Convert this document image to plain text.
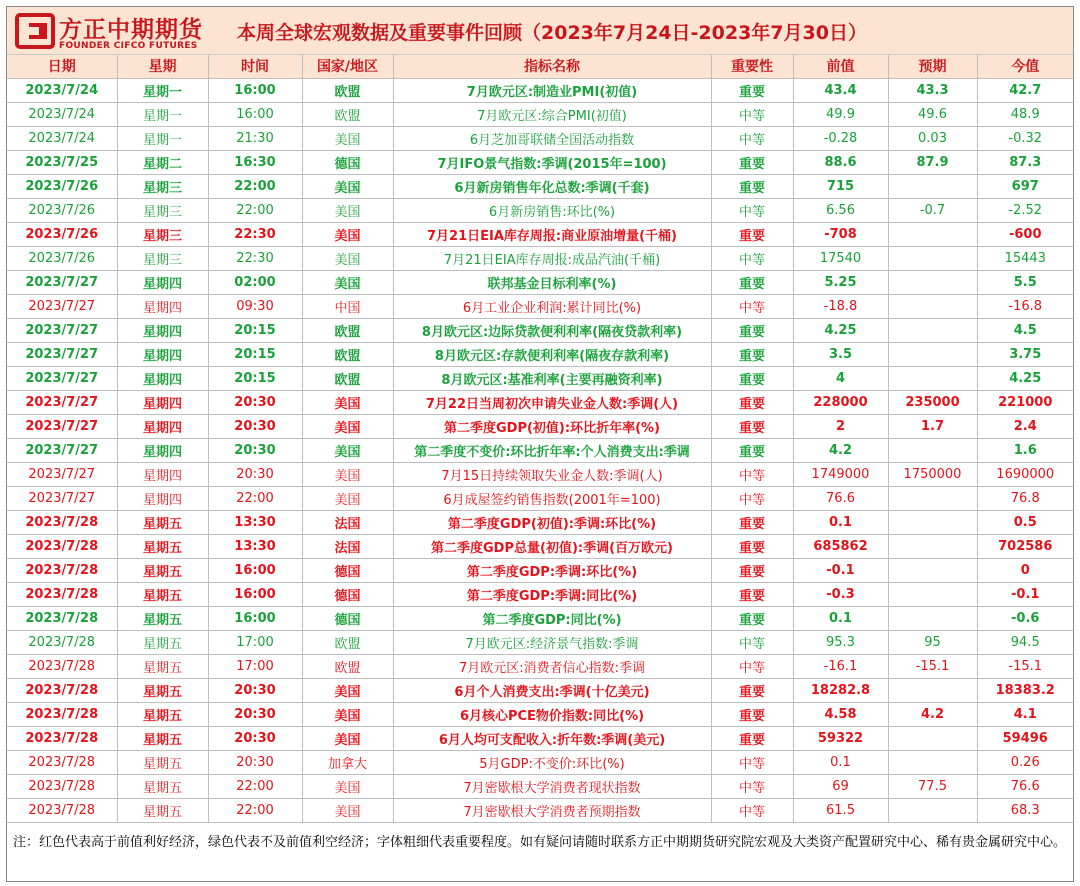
方正中期期货
FOUNDER CIFCO FUTURES
本周全球宏观数据及重要事件回顾（2023年7月24日-2023年7月30日）
日期	星期	时间	国家/地区	指标名称	重要性	前值	预期	今值
2023/7/24	星期一	16:00	欧盟	7月欧元区:制造业PMI(初值)	重要	43.4	43.3	42.7
2023/7/24	星期一	16:00	欧盟	7月欧元区:综合PMI(初值)	中等	49.9	49.6	48.9
2023/7/24	星期一	21:30	美国	6月芝加哥联储全国活动指数	中等	-0.28	0.03	-0.32
2023/7/25	星期二	16:30	德国	7月IFO景气指数:季调(2015年=100)	重要	88.6	87.9	87.3
2023/7/26	星期三	22:00	美国	6月新房销售年化总数:季调(千套)	重要	715		697
2023/7/26	星期三	22:00	美国	6月新房销售:环比(%)	中等	6.56	-0.7	-2.52
2023/7/26	星期三	22:30	美国	7月21日EIA库存周报:商业原油增量(千桶)	重要	-708		-600
2023/7/26	星期三	22:30	美国	7月21日EIA库存周报:成品汽油(千桶)	中等	17540		15443
2023/7/27	星期四	02:00	美国	联邦基金目标利率(%)	重要	5.25		5.5
2023/7/27	星期四	09:30	中国	6月工业企业利润:累计同比(%)	中等	-18.8		-16.8
2023/7/27	星期四	20:15	欧盟	8月欧元区:边际贷款便利利率(隔夜贷款利率)	重要	4.25		4.5
2023/7/27	星期四	20:15	欧盟	8月欧元区:存款便利利率(隔夜存款利率)	重要	3.5		3.75
2023/7/27	星期四	20:15	欧盟	8月欧元区:基准利率(主要再融资利率)	重要	4		4.25
2023/7/27	星期四	20:30	美国	7月22日当周初次申请失业金人数:季调(人)	重要	228000	235000	221000
2023/7/27	星期四	20:30	美国	第二季度GDP(初值):环比折年率(%)	重要	2	1.7	2.4
2023/7/27	星期四	20:30	美国	第二季度不变价:环比折年率:个人消费支出:季调	重要	4.2		1.6
2023/7/27	星期四	20:30	美国	7月15日持续领取失业金人数:季调(人)	中等	1749000	1750000	1690000
2023/7/27	星期四	22:00	美国	6月成屋签约销售指数(2001年=100)	中等	76.6		76.8
2023/7/28	星期五	13:30	法国	第二季度GDP(初值):季调:环比(%)	重要	0.1		0.5
2023/7/28	星期五	13:30	法国	第二季度GDP总量(初值):季调(百万欧元)	重要	685862		702586
2023/7/28	星期五	16:00	德国	第二季度GDP:季调:环比(%)	重要	-0.1		0
2023/7/28	星期五	16:00	德国	第二季度GDP:季调:同比(%)	重要	-0.3		-0.1
2023/7/28	星期五	16:00	德国	第二季度GDP:同比(%)	重要	0.1		-0.6
2023/7/28	星期五	17:00	欧盟	7月欧元区:经济景气指数:季调	中等	95.3	95	94.5
2023/7/28	星期五	17:00	欧盟	7月欧元区:消费者信心指数:季调	中等	-16.1	-15.1	-15.1
2023/7/28	星期五	20:30	美国	6月个人消费支出:季调(十亿美元)	重要	18282.8		18383.2
2023/7/28	星期五	20:30	美国	6月核心PCE物价指数:同比(%)	重要	4.58	4.2	4.1
2023/7/28	星期五	20:30	美国	6月人均可支配收入:折年数:季调(美元)	重要	59322		59496
2023/7/28	星期五	20:30	加拿大	5月GDP:不变价:环比(%)	中等	0.1		0.26
2023/7/28	星期五	22:00	美国	7月密歇根大学消费者现状指数	中等	69	77.5	76.6
2023/7/28	星期五	22:00	美国	7月密歇根大学消费者预期指数	中等	61.5		68.3
注：红色代表高于前值利好经济，绿色代表不及前值利空经济；字体粗细代表重要程度。如有疑问请随时联系方正中期期货研究院宏观及大类资产配置研究中心、稀有贵金属研究中心。
